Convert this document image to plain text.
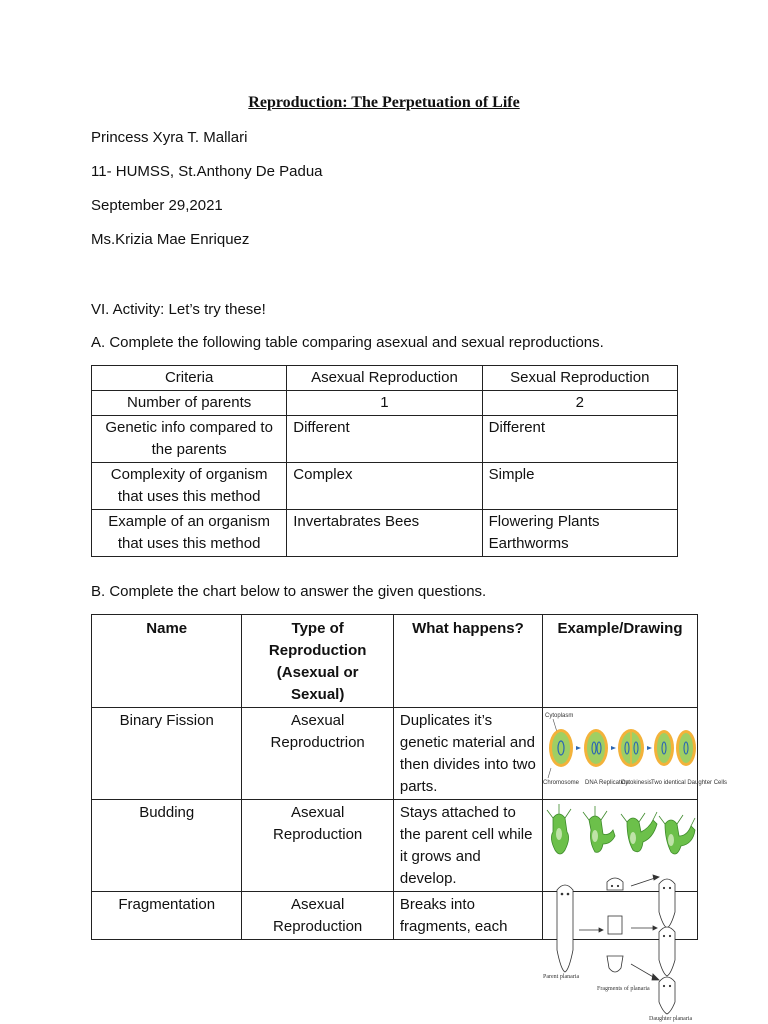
Reproduction: The Perpetuation of Life
Princess Xyra T. Mallari
11- HUMSS, St.Anthony De Padua
September 29,2021
Ms.Krizia Mae Enriquez
VI. Activity: Let’s try these!
A. Complete the following table comparing asexual and sexual reproductions.
Criteria	Asexual Reproduction	Sexual Reproduction
Number of parents	1	2
Genetic info compared to the parents	Different	Different
Complexity of organism that uses this method	Complex	Simple
Example of an organism that uses this method	Invertabrates Bees	Flowering Plants Earthworms
B. Complete the chart below to answer the given questions.
Name	Type of Reproduction (Asexual or Sexual)	What happens?	Example/Drawing
Binary Fission	Asexual Reproductrion	Duplicates it’s genetic material and then divides into two parts.	Cytoplasm
Chromosome DNA Replication
Cytokinesis Two identical Daughter Cells

Budding	Asexual Reproduction	Stays attached to the parent cell while it grows and develop.	

Fragmentation	Asexual Reproduction	Breaks into fragments, each	
Parent planaria
Fragments of planaria
Daughter planaria
